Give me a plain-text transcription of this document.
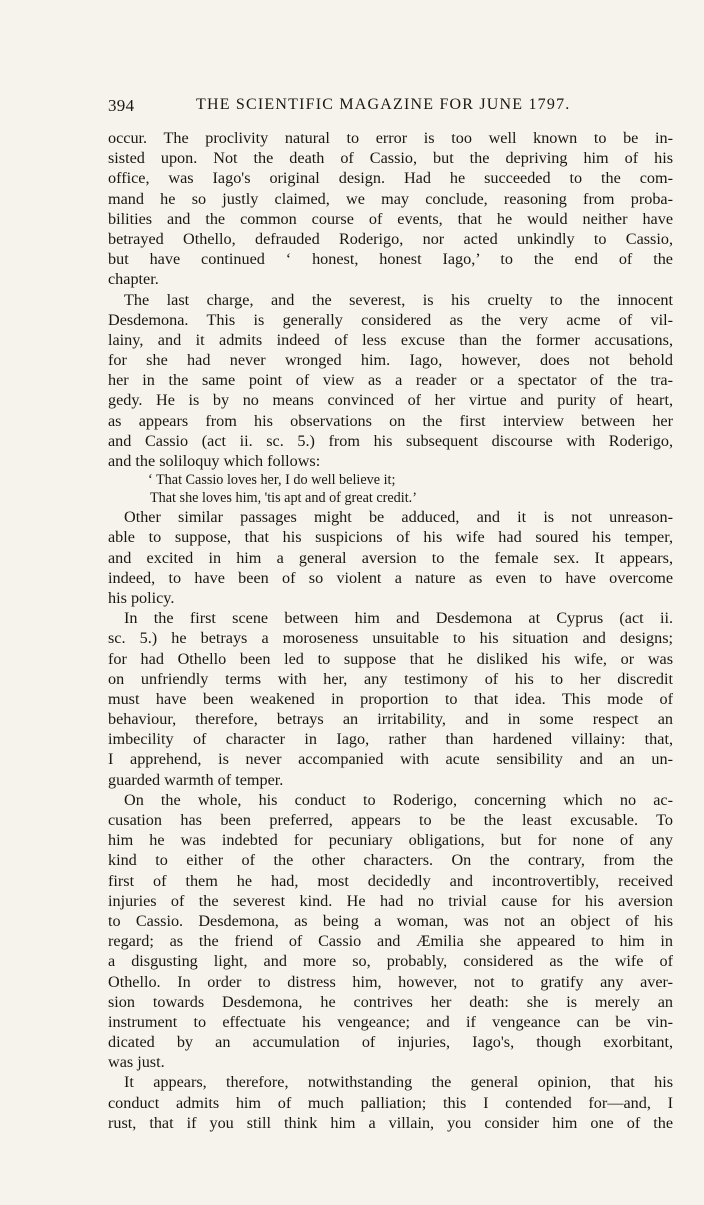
394	THE SCIENTIFIC MAGAZINE FOR JUNE 1797.
occur. The proclivity natural to error is too well known to be in-
sisted upon. Not the death of Cassio, but the depriving him of his
office, was Iago's original design. Had he succeeded to the com-
mand he so justly claimed, we may conclude, reasoning from proba-
bilities and the common course of events, that he would neither have
betrayed Othello, defrauded Roderigo, nor acted unkindly to Cassio,
but have continued ‘ honest, honest Iago,’ to the end of the
chapter.
The last charge, and the severest, is his cruelty to the innocent
Desdemona. This is generally considered as the very acme of vil-
lainy, and it admits indeed of less excuse than the former accusations,
for she had never wronged him. Iago, however, does not behold
her in the same point of view as a reader or a spectator of the tra-
gedy. He is by no means convinced of her virtue and purity of heart,
as appears from his observations on the first interview between her
and Cassio (act ii. sc. 5.) from his subsequent discourse with Roderigo,
and the soliloquy which follows:
‘ That Cassio loves her, I do well believe it;
That she loves him, 'tis apt and of great credit.’
Other similar passages might be adduced, and it is not unreason-
able to suppose, that his suspicions of his wife had soured his temper,
and excited in him a general aversion to the female sex. It appears,
indeed, to have been of so violent a nature as even to have overcome
his policy.
In the first scene between him and Desdemona at Cyprus (act ii.
sc. 5.) he betrays a moroseness unsuitable to his situation and designs;
for had Othello been led to suppose that he disliked his wife, or was
on unfriendly terms with her, any testimony of his to her discredit
must have been weakened in proportion to that idea. This mode of
behaviour, therefore, betrays an irritability, and in some respect an
imbecility of character in Iago, rather than hardened villainy: that,
I apprehend, is never accompanied with acute sensibility and an un-
guarded warmth of temper.
On the whole, his conduct to Roderigo, concerning which no ac-
cusation has been preferred, appears to be the least excusable. To
him he was indebted for pecuniary obligations, but for none of any
kind to either of the other characters. On the contrary, from the
first of them he had, most decidedly and incontrovertibly, received
injuries of the severest kind. He had no trivial cause for his aversion
to Cassio. Desdemona, as being a woman, was not an object of his
regard; as the friend of Cassio and Æmilia she appeared to him in
a disgusting light, and more so, probably, considered as the wife of
Othello. In order to distress him, however, not to gratify any aver-
sion towards Desdemona, he contrives her death: she is merely an
instrument to effectuate his vengeance; and if vengeance can be vin-
dicated by an accumulation of injuries, Iago's, though exorbitant,
was just.
It appears, therefore, notwithstanding the general opinion, that his
conduct admits him of much palliation; this I contended for—and, I
rust, that if you still think him a villain, you consider him one of the
